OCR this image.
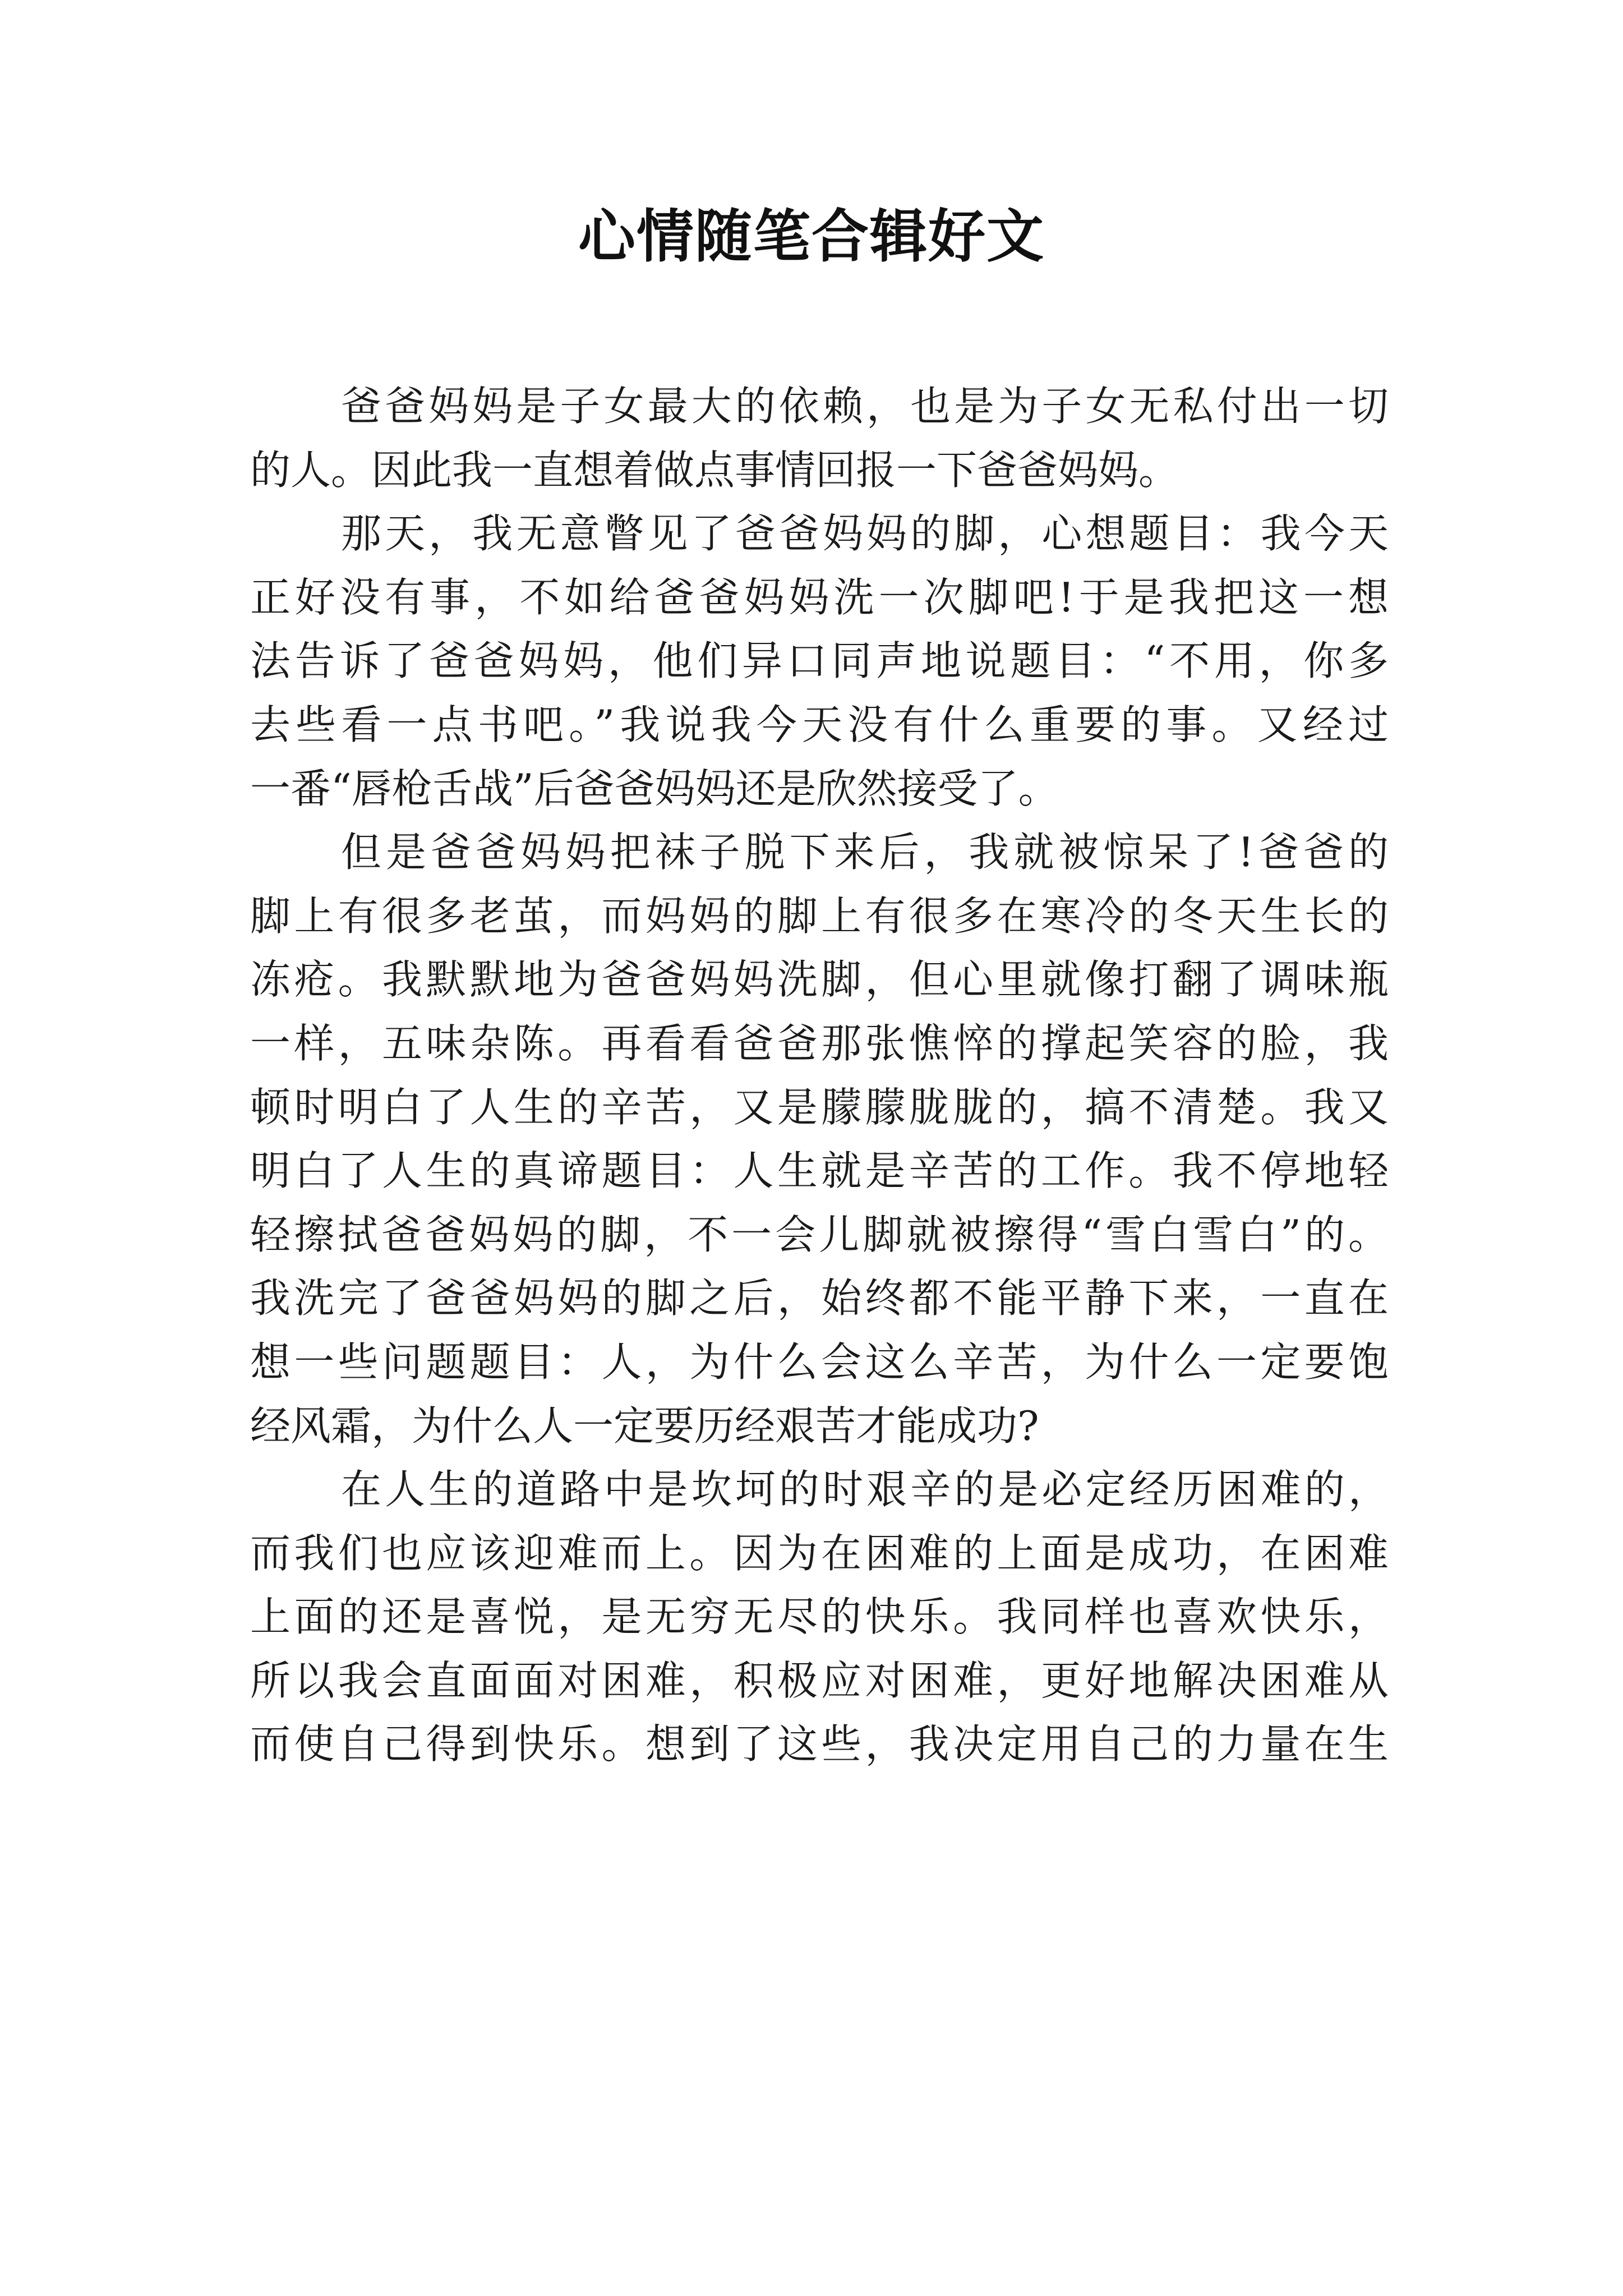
心情随笔合辑好文
爸爸妈妈是子女最大的依赖，也是为子女无私付出一切
的人。因此我一直想着做点事情回报一下爸爸妈妈。
那天，我无意瞥见了爸爸妈妈的脚，心想题目：我今天
正好没有事，不如给爸爸妈妈洗一次脚吧!于是我把这一想
法告诉了爸爸妈妈，他们异口同声地说题目：“不用，你多
去些看一点书吧。”我说我今天没有什么重要的事。又经过
一番“唇枪舌战”后爸爸妈妈还是欣然接受了。
但是爸爸妈妈把袜子脱下来后，我就被惊呆了!爸爸的
脚上有很多老茧，而妈妈的脚上有很多在寒冷的冬天生长的
冻疮。我默默地为爸爸妈妈洗脚，但心里就像打翻了调味瓶
一样，五味杂陈。再看看爸爸那张憔悴的撑起笑容的脸，我
顿时明白了人生的辛苦，又是朦朦胧胧的，搞不清楚。我又
明白了人生的真谛题目：人生就是辛苦的工作。我不停地轻
轻擦拭爸爸妈妈的脚，不一会儿脚就被擦得“雪白雪白”的。
我洗完了爸爸妈妈的脚之后，始终都不能平静下来，一直在
想一些问题题目：人，为什么会这么辛苦，为什么一定要饱
经风霜，为什么人一定要历经艰苦才能成功?
在人生的道路中是坎坷的时艰辛的是必定经历困难的，
而我们也应该迎难而上。因为在困难的上面是成功，在困难
上面的还是喜悦，是无穷无尽的快乐。我同样也喜欢快乐，
所以我会直面面对困难，积极应对困难，更好地解决困难从
而使自己得到快乐。想到了这些，我决定用自己的力量在生
